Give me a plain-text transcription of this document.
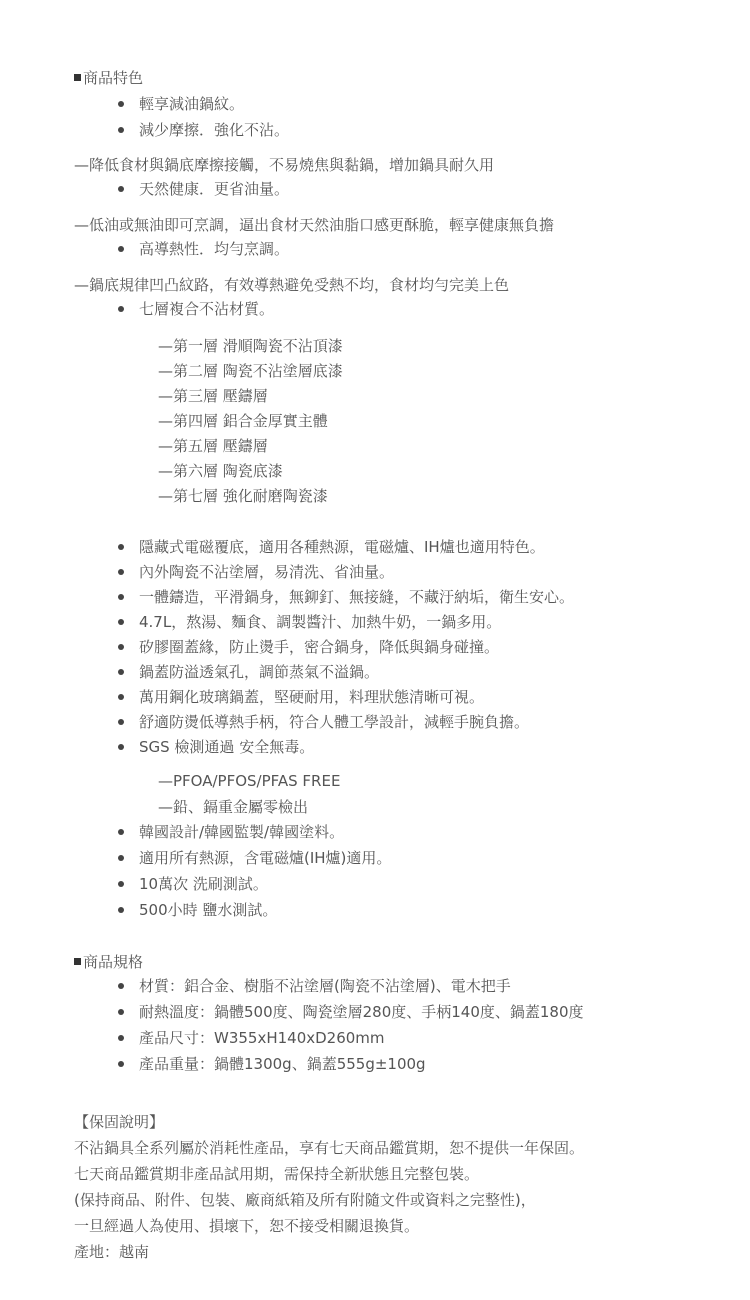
商品特色
輕享減油鍋紋。
減少摩擦．強化不沾。
—降低食材與鍋底摩擦接觸，不易燒焦與黏鍋，增加鍋具耐久用
天然健康．更省油量。
—低油或無油即可烹調，逼出食材天然油脂口感更酥脆，輕享健康無負擔
高導熱性．均勻烹調。
—鍋底規律凹凸紋路，有效導熱避免受熱不均，食材均勻完美上色
七層複合不沾材質。
—第一層 滑順陶瓷不沾頂漆
—第二層 陶瓷不沾塗層底漆
—第三層 壓鑄層
—第四層 鋁合金厚實主體
—第五層 壓鑄層
—第六層 陶瓷底漆
—第七層 強化耐磨陶瓷漆
隱藏式電磁覆底，適用各種熱源，電磁爐、IH爐也適用特色。
內外陶瓷不沾塗層，易清洗、省油量。
一體鑄造，平滑鍋身，無鉚釘、無接縫，不藏汙納垢，衛生安心。
4.7L，熬湯、麵食、調製醬汁、加熱牛奶，一鍋多用。
矽膠圈蓋緣，防止燙手，密合鍋身，降低與鍋身碰撞。
鍋蓋防溢透氣孔，調節蒸氣不溢鍋。
萬用鋼化玻璃鍋蓋，堅硬耐用，料理狀態清晰可視。
舒適防燙低導熱手柄，符合人體工學設計，減輕手腕負擔。
SGS 檢測通過 安全無毒。
—PFOA/PFOS/PFAS FREE
—鉛、鎘重金屬零檢出
韓國設計/韓國監製/韓國塗料。
適用所有熱源，含電磁爐(IH爐)適用。
10萬次 洗刷測試。
500小時 鹽水測試。
商品規格
材質：鋁合金、樹脂不沾塗層(陶瓷不沾塗層)、電木把手
耐熱溫度：鍋體500度、陶瓷塗層280度、手柄140度、鍋蓋180度
產品尺寸：W355xH140xD260mm
產品重量：鍋體1300g、鍋蓋555g±100g
【保固說明】
不沾鍋具全系列屬於消耗性產品，享有七天商品鑑賞期，恕不提供一年保固。
七天商品鑑賞期非產品試用期，需保持全新狀態且完整包裝。
(保持商品、附件、包裝、廠商紙箱及所有附隨文件或資料之完整性)，
一旦經過人為使用、損壞下，恕不接受相關退換貨。
產地：越南
